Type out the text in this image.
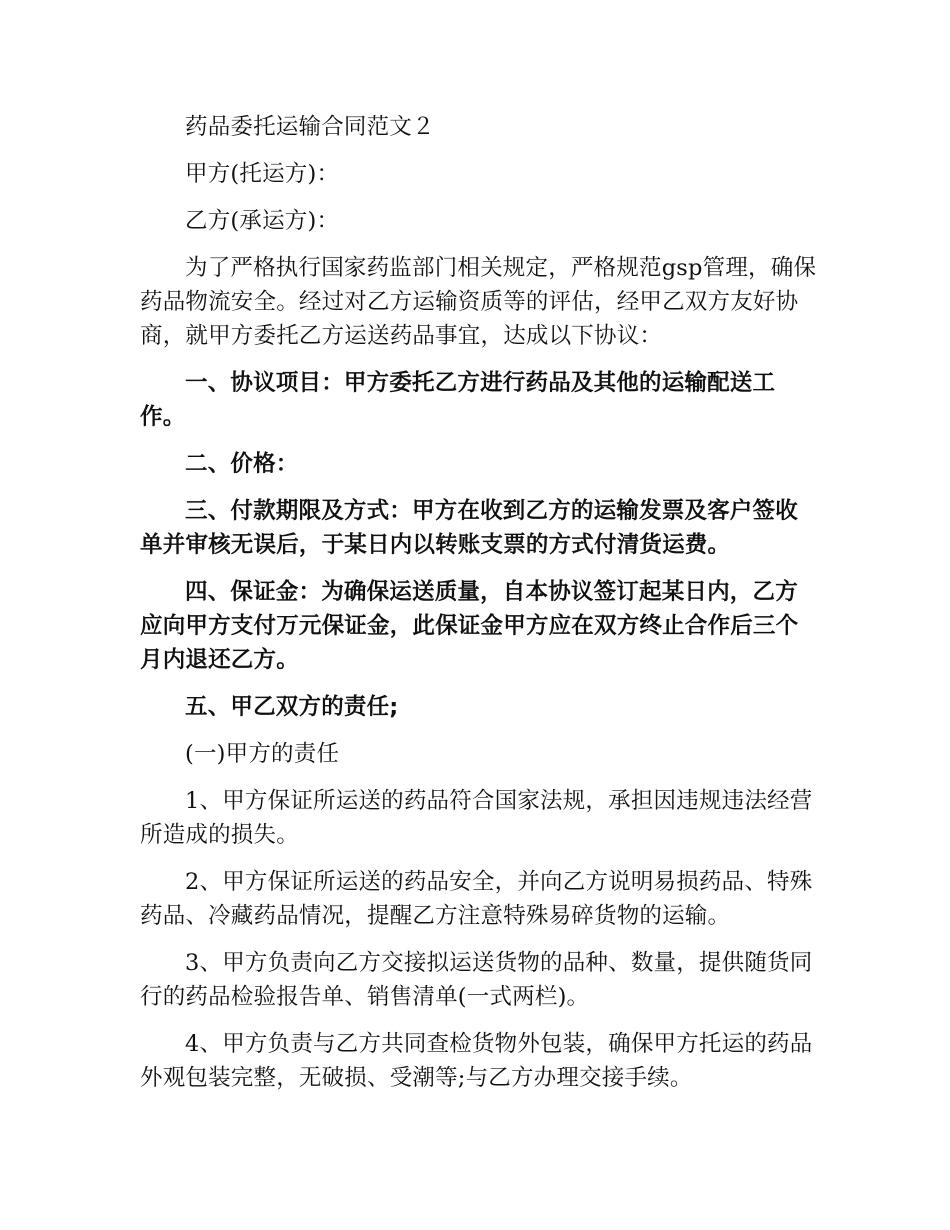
药品委托运输合同范文２

甲方(托运方)：

乙方(承运方)：

为了严格执行国家药监部门相关规定，严格规范gsp管理，确保药品物流安全。经过对乙方运输资质等的评估，经甲乙双方友好协商，就甲方委托乙方运送药品事宜，达成以下协议：

一、协议项目：甲方委托乙方进行药品及其他的运输配送工作。

二、价格：

三、付款期限及方式：甲方在收到乙方的运输发票及客户签收单并审核无误后，于某日内以转账支票的方式付清货运费。

四、保证金：为确保运送质量，自本协议签订起某日内，乙方应向甲方支付万元保证金，此保证金甲方应在双方终止合作后三个月内退还乙方。

五、甲乙双方的责任;

(一)甲方的责任

1、甲方保证所运送的药品符合国家法规，承担因违规违法经营所造成的损失。

2、甲方保证所运送的药品安全，并向乙方说明易损药品、特殊药品、冷藏药品情况，提醒乙方注意特殊易碎货物的运输。

3、甲方负责向乙方交接拟运送货物的品种、数量，提供随货同行的药品检验报告单、销售清单(一式两栏)。

4、甲方负责与乙方共同查检货物外包装，确保甲方托运的药品外观包装完整，无破损、受潮等;与乙方办理交接手续。
